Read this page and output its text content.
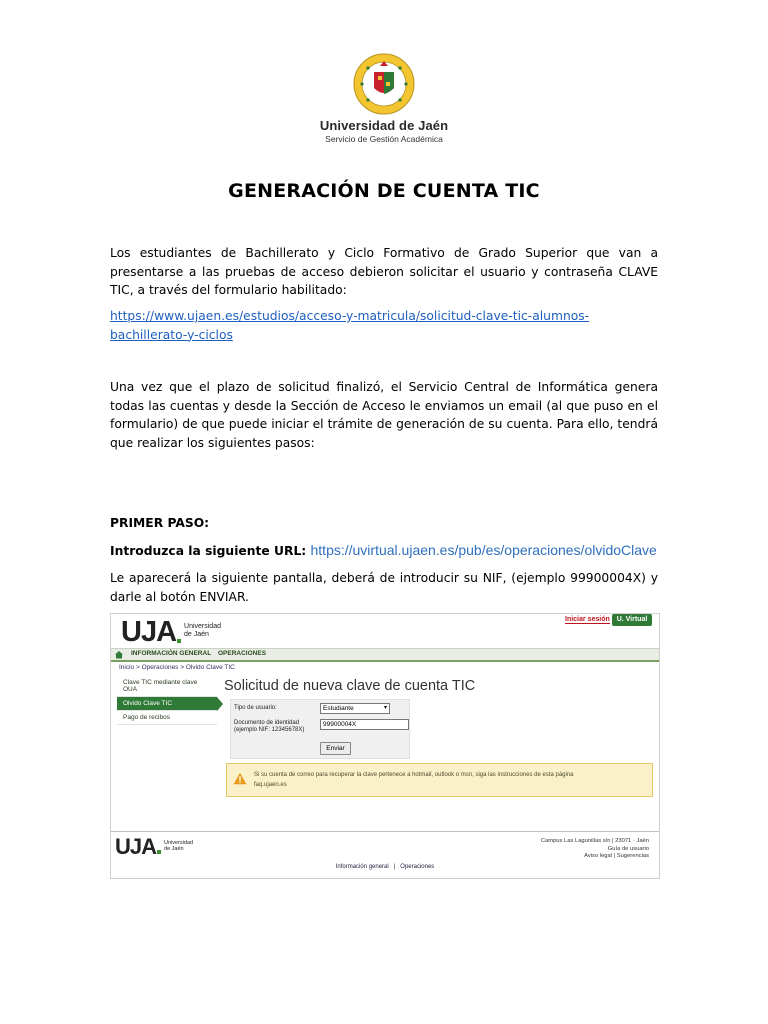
Universidad de Jaén
Servicio de Gestión Académica
GENERACIÓN DE CUENTA TIC
Los estudiantes de Bachillerato y Ciclo Formativo de Grado Superior que van a presentarse a las pruebas de acceso debieron solicitar el usuario y contraseña CLAVE TIC, a través del formulario habilitado:
https://www.ujaen.es/estudios/acceso-y-matricula/solicitud-clave-tic-alumnos-bachillerato-y-ciclos
Una vez que el plazo de solicitud finalizó, el Servicio Central de Informática genera todas las cuentas y desde la Sección de Acceso le enviamos un email (al que puso en el formulario) de que puede iniciar el trámite de generación de su cuenta. Para ello, tendrá que realizar los siguientes pasos:
PRIMER PASO:
Introduzca la siguiente URL: https://uvirtual.ujaen.es/pub/es/operaciones/olvidoClave
Le aparecerá la siguiente pantalla, deberá de introducir su NIF, (ejemplo 99900004X) y darle al botón ENVIAR.
UJA Universidad
de Jaén
Iniciar sesión U. Virtual
INFORMACIÓN GENERAL OPERACIONES
Inicio > Operaciones > Olvido Clave TIC
Clave TIC mediante clave OUA
Olvido Clave TIC
Pago de recibos
Solicitud de nueva clave de cuenta TIC
Tipo de usuario:	Estudiante	▾
Documento de identidad
(ejemplo NIF: 12345678X)
99900004X
Enviar
Si su cuenta de correo para recuperar la clave pertenece a hotmail, outlook o msn, siga las instrucciones de esta página
faq.ujaen.es
UJA Universidad
de Jaén
Campus Las Lagunillas s/n | 23071 · Jaén
Guía de usuario
Aviso legal | Sugerencias
Información general | Operaciones
